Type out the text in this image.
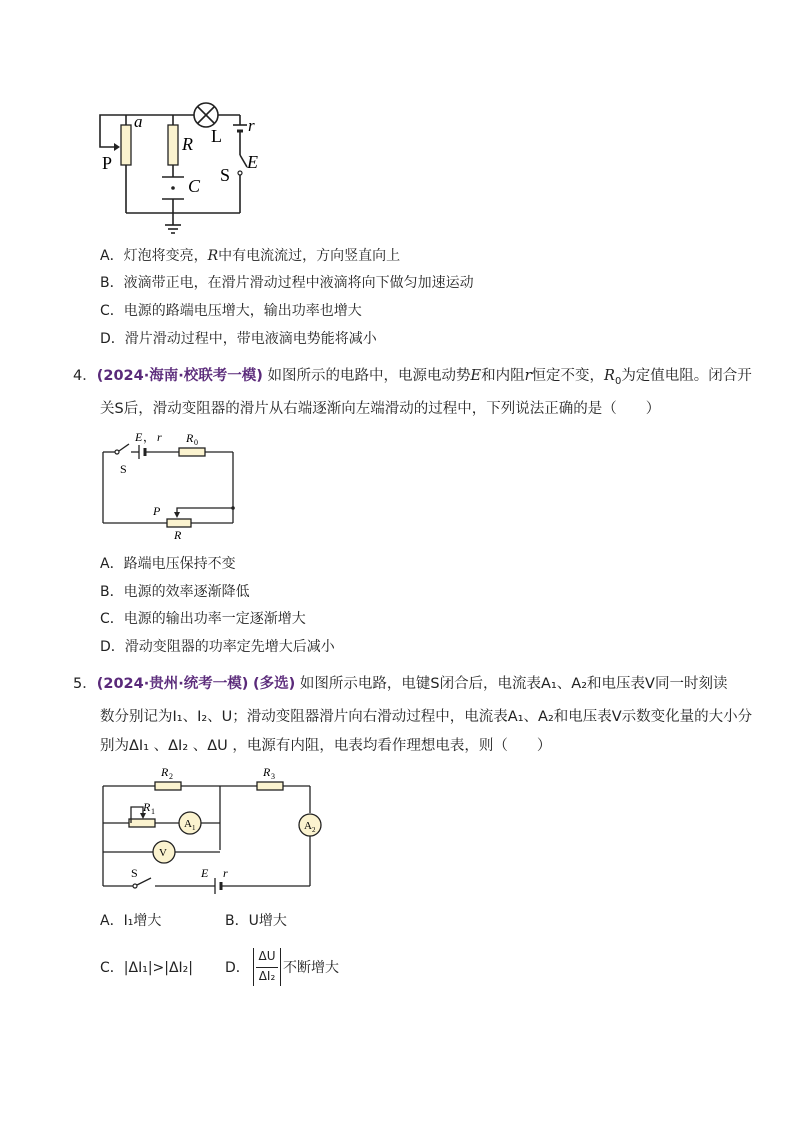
a
P
R
C
L
r
S
E
A．灯泡将变亮，R中有电流流过，方向竖直向上
B．液滴带正电，在滑片滑动过程中液滴将向下做匀加速运动
C．电源的路端电压增大，输出功率也增大
D．滑片滑动过程中，带电液滴电势能将减小
4．(2024·海南·校联考一模) 如图所示的电路中，电源电动势E和内阻r恒定不变，$R_0$为定值电阻。闭合开
关S后，滑动变阻器的滑片从右端逐渐向左端滑动的过程中，下列说法正确的是（　　）
E ， r R 0
S
P
R
A．路端电压保持不变
B．电源的效率逐渐降低
C．电源的输出功率一定逐渐增大
D．滑动变阻器的功率定先增大后减小
5．(2024·贵州·统考一模) (多选) 如图所示电路，电键S闭合后，电流表A₁、A₂和电压表V同一时刻读
数分别记为I₁、I₂、U；滑动变阻器滑片向右滑动过程中，电流表A₁、A₂和电压表V示数变化量的大小分
别为ΔI₁ 、ΔI₂ 、ΔU ，电源有内阻，电表均看作理想电表，则（　　）
R 2	R 3
R 1
A 1	A 2
V
S	E r
A．I₁增大	B．U增大
C．|ΔI₁|>|ΔI₂| D．
ΔU
ΔI₂ 不断增大
